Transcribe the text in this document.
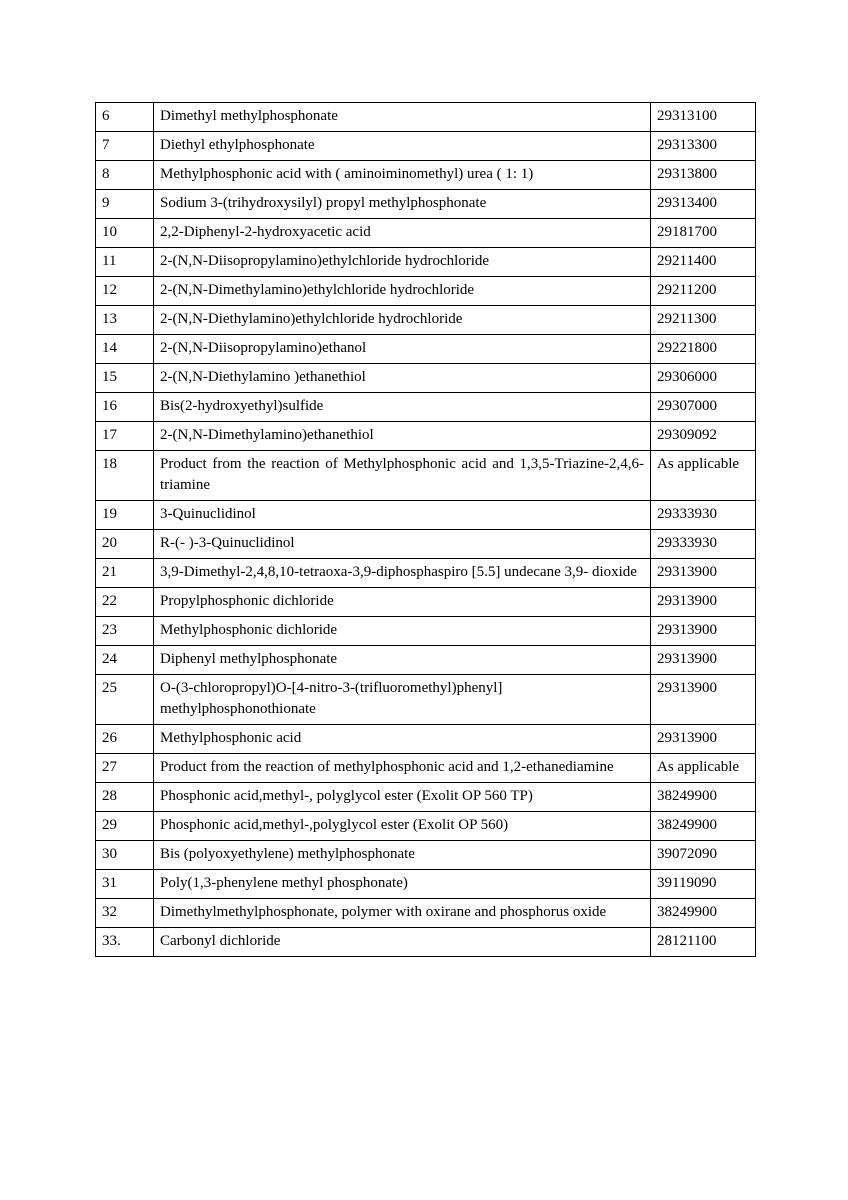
6	Dimethyl methylphosphonate	29313100
7	Diethyl ethylphosphonate	29313300
8	Methylphosphonic acid with ( aminoiminomethyl) urea ( 1: 1)	29313800
9	Sodium 3-(trihydroxysilyl) propyl methylphosphonate	29313400
10	2,2-Diphenyl-2-hydroxyacetic acid	29181700
11	2-(N,N-Diisopropylamino)ethylchloride hydrochloride	29211400
12	2-(N,N-Dimethylamino)ethylchloride hydrochloride	29211200
13	2-(N,N-Diethylamino)ethylchloride hydrochloride	29211300
14	2-(N,N-Diisopropylamino)ethanol	29221800
15	2-(N,N-Diethylamino )ethanethiol	29306000
16	Bis(2-hydroxyethyl)sulfide	29307000
17	2-(N,N-Dimethylamino)ethanethiol	29309092
18	Product from the reaction of Methylphosphonic acid and 1,3,5-Triazine-2,4,6- triamine	As applicable
19	3-Quinuclidinol	29333930
20	R-(- )-3-Quinuclidinol	29333930
21	3,9-Dimethyl-2,4,8,10-tetraoxa-3,9-diphosphaspiro [5.5] undecane 3,9- dioxide	29313900
22	Propylphosphonic dichloride	29313900
23	Methylphosphonic dichloride	29313900
24	Diphenyl methylphosphonate	29313900
25	O-(3-chloropropyl)O-[4-nitro-3-(trifluoromethyl)phenyl] methylphosphonothionate	29313900
26	Methylphosphonic acid	29313900
27	Product from the reaction of methylphosphonic acid and 1,2-ethanediamine	As applicable
28	Phosphonic acid,methyl-, polyglycol ester (Exolit OP 560 TP)	38249900
29	Phosphonic acid,methyl-,polyglycol ester (Exolit OP 560)	38249900
30	Bis (polyoxyethylene) methylphosphonate	39072090
31	Poly(1,3-phenylene methyl phosphonate)	39119090
32	Dimethylmethylphosphonate, polymer with oxirane and phosphorus oxide	38249900
33.	Carbonyl dichloride	28121100
